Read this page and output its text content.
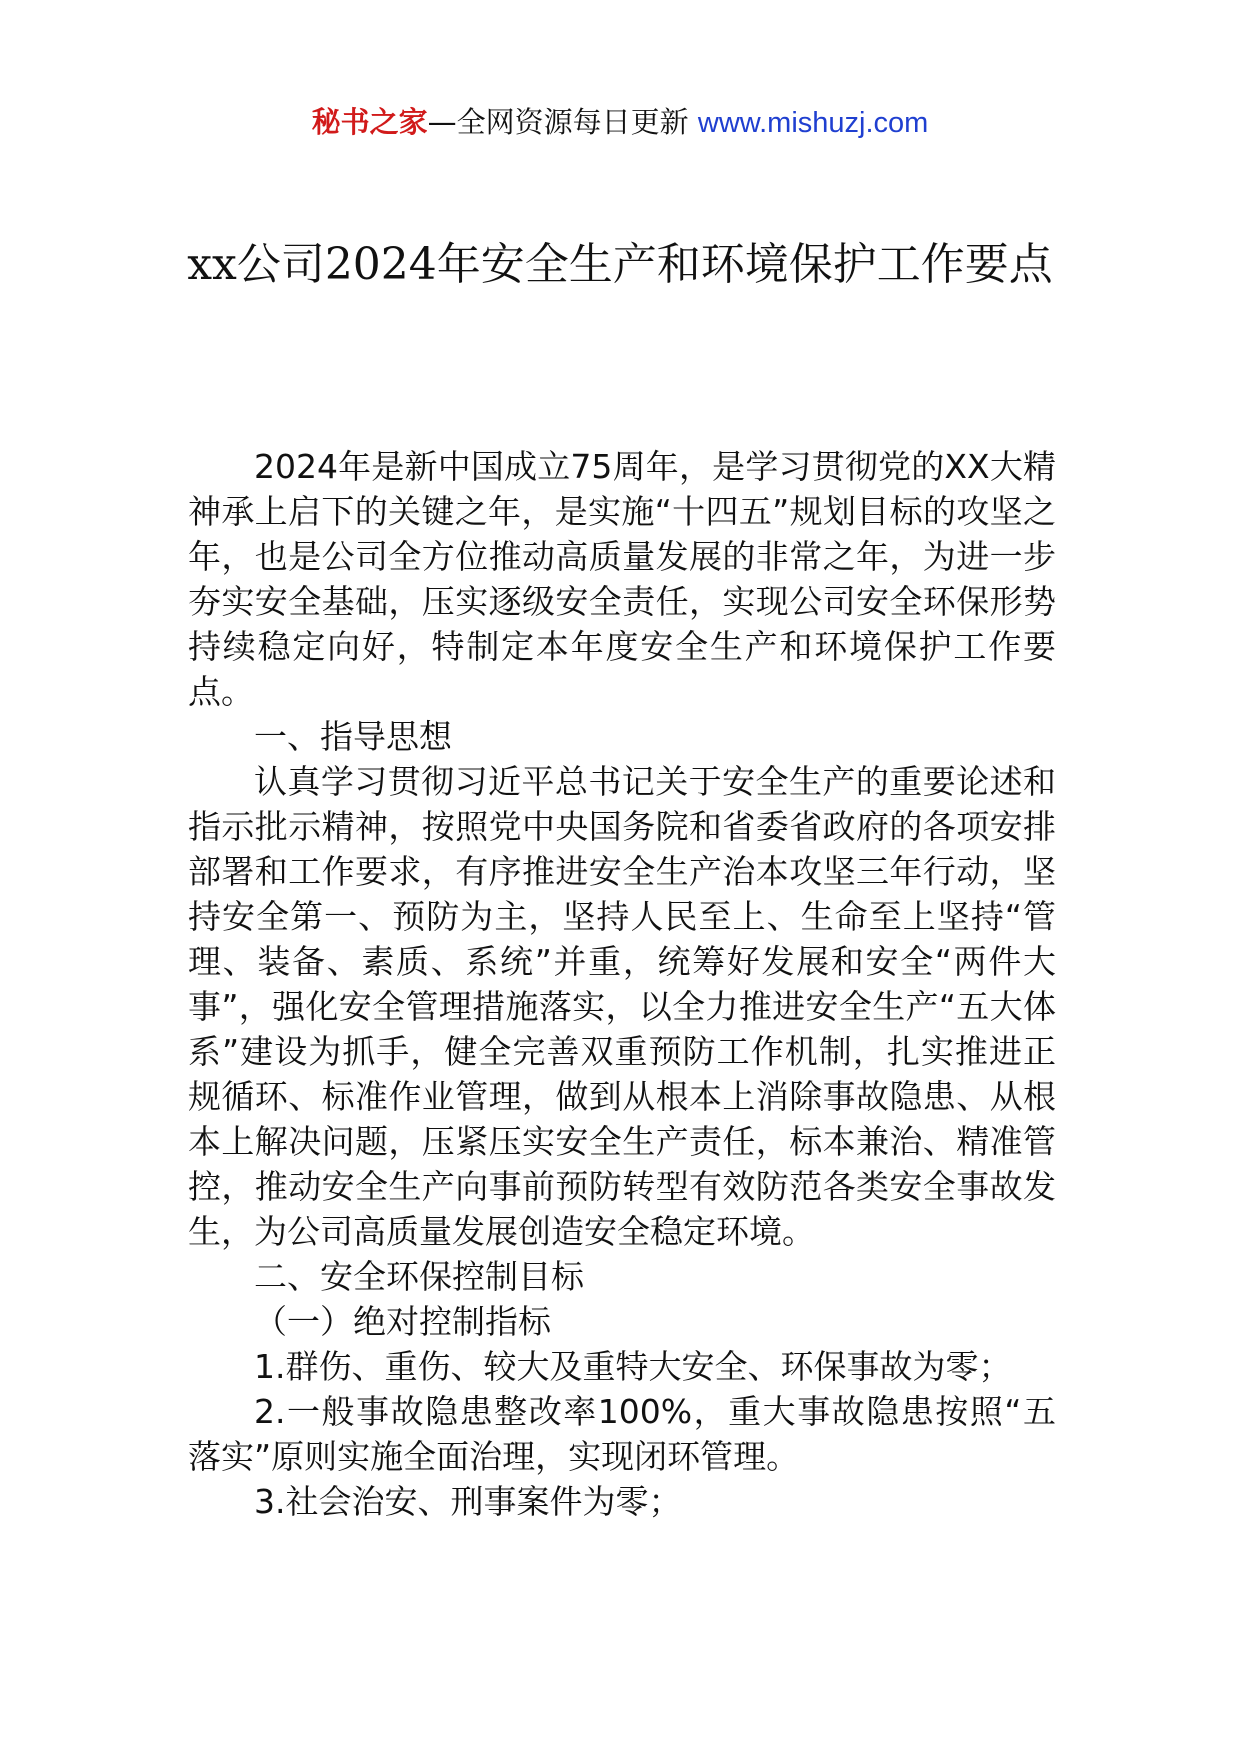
秘书之家—全网资源每日更新 www.mishuzj.com
xx公司2024年安全生产和环境保护工作要点

2024年是新中国成立75周年，是学习贯彻党的XX大精神承上启下的关键之年，是实施“十四五”规划目标的攻坚之年，也是公司全方位推动高质量发展的非常之年，为进一步夯实安全基础，压实逐级安全责任，实现公司安全环保形势持续稳定向好，特制定本年度安全生产和环境保护工作要点。

一、指导思想

认真学习贯彻习近平总书记关于安全生产的重要论述和指示批示精神，按照党中央国务院和省委省政府的各项安排部署和工作要求，有序推进安全生产治本攻坚三年行动，坚持安全第一、预防为主，坚持人民至上、生命至上坚持“管理、装备、素质、系统”并重，统筹好发展和安全“两件大事”，强化安全管理措施落实，以全力推进安全生产“五大体系”建设为抓手，健全完善双重预防工作机制，扎实推进正规循环、标准作业管理，做到从根本上消除事故隐患、从根本上解决问题，压紧压实安全生产责任，标本兼治、精准管控，推动安全生产向事前预防转型有效防范各类安全事故发生，为公司高质量发展创造安全稳定环境。

二、安全环保控制目标

（一）绝对控制指标

1.群伤、重伤、较大及重特大安全、环保事故为零；

2.一般事故隐患整改率100%，重大事故隐患按照“五落实”原则实施全面治理，实现闭环管理。

3.社会治安、刑事案件为零；
